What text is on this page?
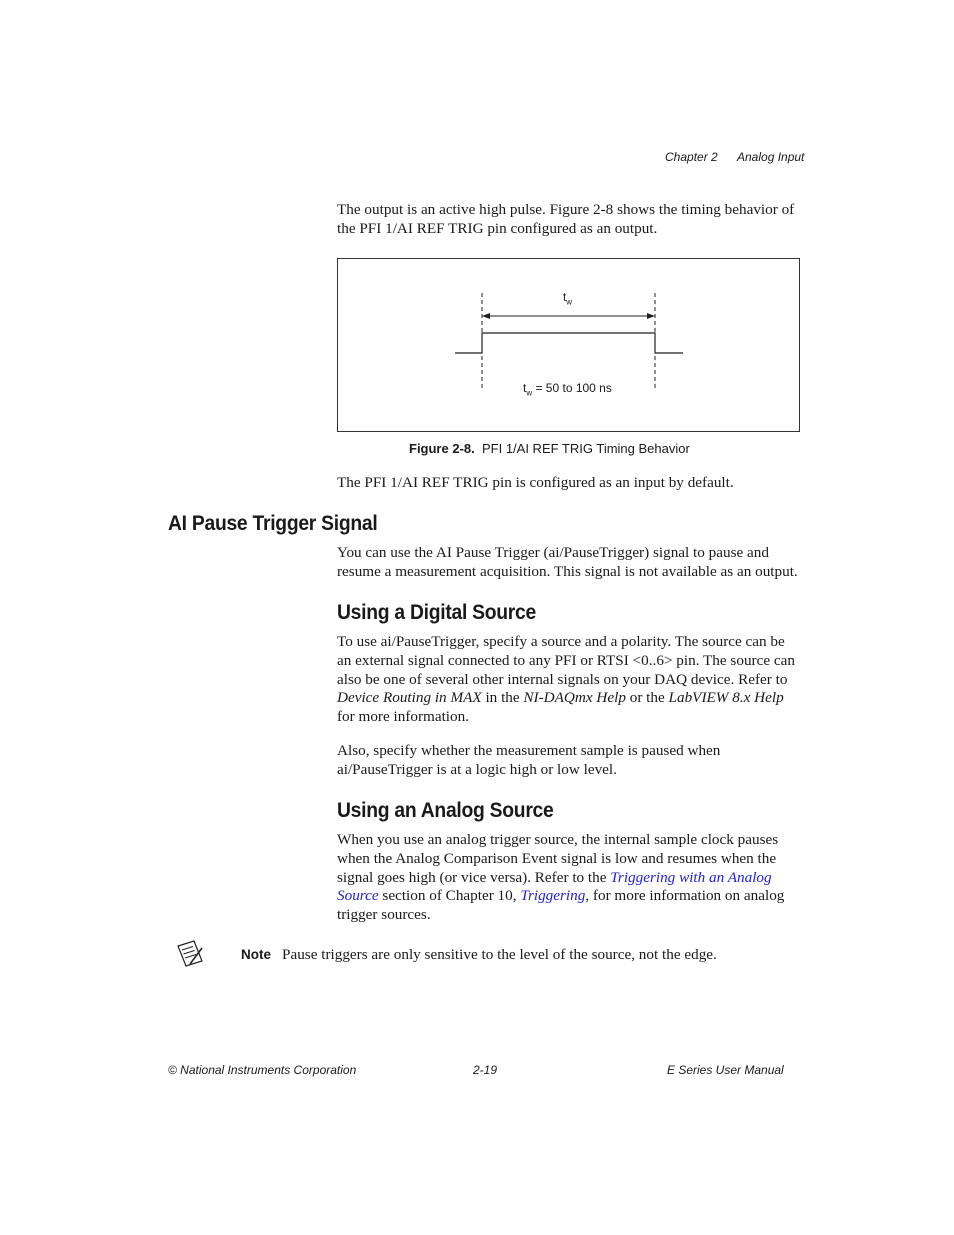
Chapter 2 Analog Input

The output is an active high pulse. Figure 2-8 shows the timing behavior of

the PFI 1/AI REF TRIG pin configured as an output.

$t_w$
$t_w = 50$ to 100 ns
Figure 2-8. PFI 1/AI REF TRIG Timing Behavior
The PFI 1/AI REF TRIG pin is configured as an input by default.
AI Pause Trigger Signal

You can use the AI Pause Trigger (ai/PauseTrigger) signal to pause and

resume a measurement acquisition. This signal is not available as an output.

Using a Digital Source

To use ai/PauseTrigger, specify a source and a polarity. The source can be

an external signal connected to any PFI or RTSI <0..6> pin. The source can

also be one of several other internal signals on your DAQ device. Refer to

Device Routing in MAX in the NI-DAQmx Help or the LabVIEW 8.x Help

for more information.

Also, specify whether the measurement sample is paused when

ai/PauseTrigger is at a logic high or low level.

Using an Analog Source

When you use an analog trigger source, the internal sample clock pauses

when the Analog Comparison Event signal is low and resumes when the

signal goes high (or vice versa). Refer to the Triggering with an Analog

Source section of Chapter 10, Triggering, for more information on analog

trigger sources.

Note Pause triggers are only sensitive to the level of the source, not the edge.
© National Instruments Corporation	2-19	E Series User Manual
